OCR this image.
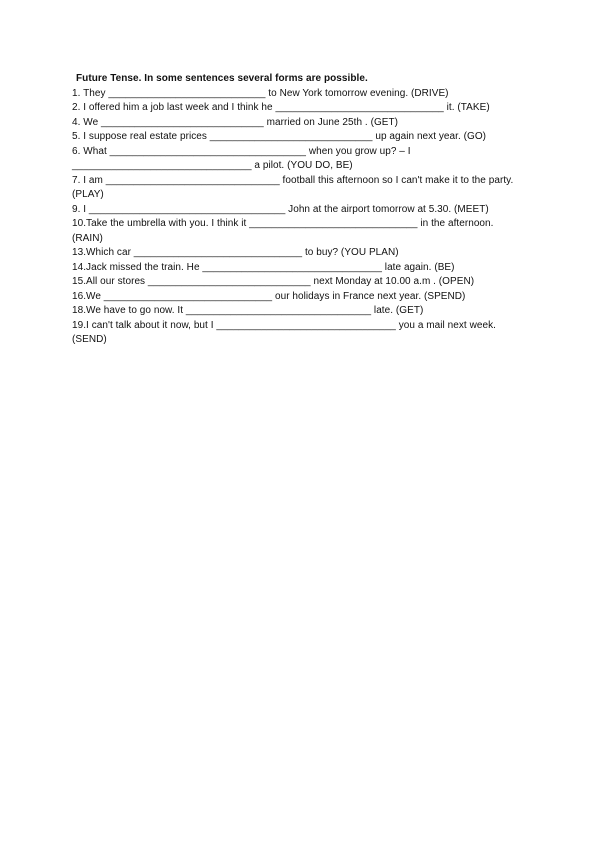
Future Tense. In some sentences several forms are possible.
1. They ____________________________ to New York tomorrow evening. (DRIVE)
2. I offered him a job last week and I think he ______________________________ it. (TAKE)
4. We _____________________________ married on June 25th . (GET)
5. I suppose real estate prices _____________________________ up again next year. (GO)
6. What ___________________________________ when you grow up? – I
________________________________ a pilot. (YOU DO, BE)
7. I am _______________________________ football this afternoon so I can't make it to the party.
(PLAY)
9. I ___________________________________ John at the airport tomorrow at 5.30. (MEET)
10.Take the umbrella with you. I think it ______________________________ in the afternoon.
(RAIN)
13.Which car ______________________________ to buy? (YOU PLAN)
14.Jack missed the train. He ________________________________ late again. (BE)
15.All our stores _____________________________ next Monday at 10.00 a.m . (OPEN)
16.We ______________________________ our holidays in France next year. (SPEND)
18.We have to go now. It _________________________________ late. (GET)
19.I can't talk about it now, but I ________________________________ you a mail next week.
(SEND)
